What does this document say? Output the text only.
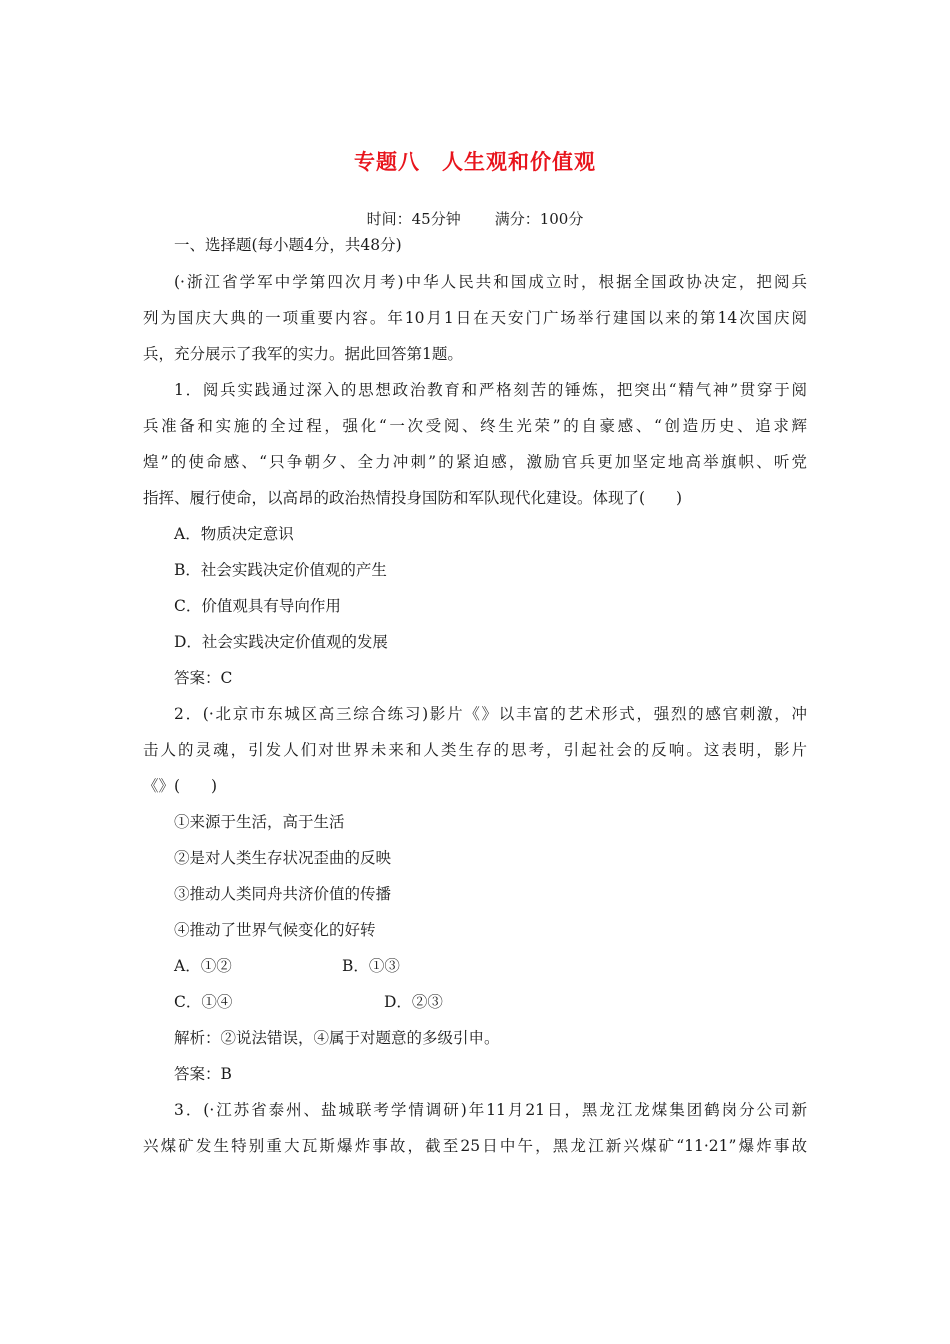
专题八　人生观和价值观
时间：45分钟 满分：100分
一、选择题(每小题4分，共48分)
(·浙江省学军中学第四次月考)中华人民共和国成立时，根据全国政协决定，把阅兵
列为国庆大典的一项重要内容。年10月1日在天安门广场举行建国以来的第14次国庆阅
兵，充分展示了我军的实力。据此回答第1题。
1．阅兵实践通过深入的思想政治教育和严格刻苦的锤炼，把突出“精气神”贯穿于阅
兵准备和实施的全过程，强化“一次受阅、终生光荣”的自豪感、“创造历史、追求辉
煌”的使命感、“只争朝夕、全力冲刺”的紧迫感，激励官兵更加坚定地高举旗帜、听党
指挥、履行使命，以高昂的政治热情投身国防和军队现代化建设。体现了(　　)
A．物质决定意识
B．社会实践决定价值观的产生
C．价值观具有导向作用
D．社会实践决定价值观的发展
答案：C
2．(·北京市东城区高三综合练习)影片《》以丰富的艺术形式，强烈的感官刺激，冲
击人的灵魂，引发人们对世界未来和人类生存的思考，引起社会的反响。这表明，影片
《》(　　)
①来源于生活，高于生活
②是对人类生存状况歪曲的反映
③推动人类同舟共济价值的传播
④推动了世界气候变化的好转
A．①②	B．①③
C．①④	D．②③
解析：②说法错误，④属于对题意的多级引申。
答案：B
3．(·江苏省泰州、盐城联考学情调研)年11月21日，黑龙江龙煤集团鹤岗分公司新
兴煤矿发生特别重大瓦斯爆炸事故，截至25日中午，黑龙江新兴煤矿“11·21”爆炸事故
